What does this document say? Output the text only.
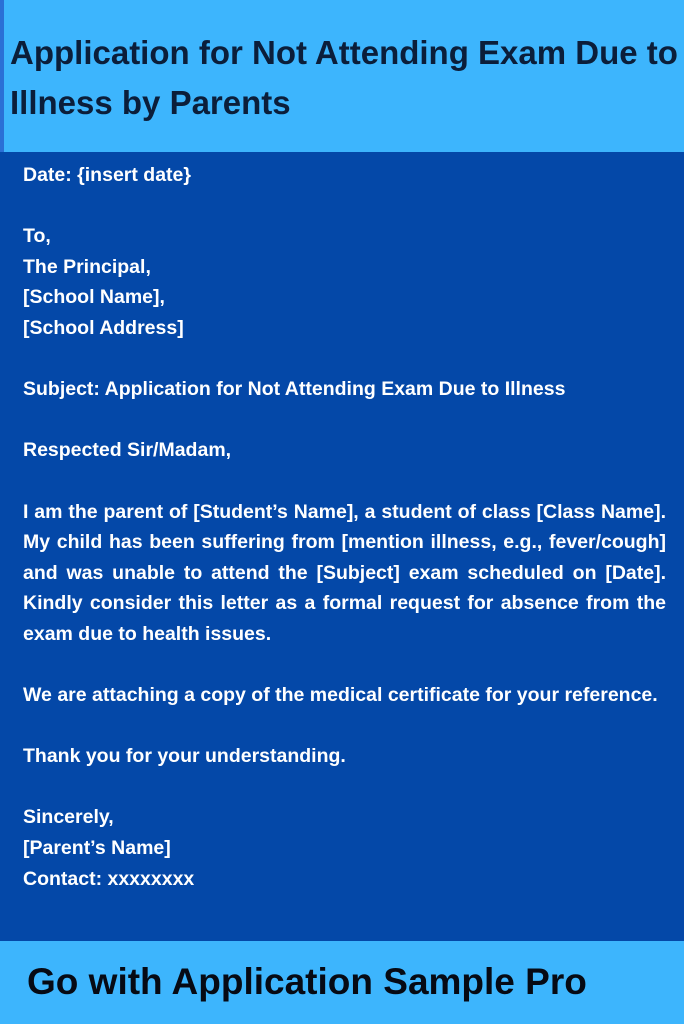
Application for Not Attending Exam Due to Illness by Parents

Date: {insert date}

To,
The Principal,
[School Name],
[School Address]

Subject: Application for Not Attending Exam Due to Illness

Respected Sir/Madam,

I am the parent of [Student’s Name], a student of class [Class Name]. My child has been suffering from [mention illness, e.g., fever/cough] and was unable to attend the [Subject] exam scheduled on [Date]. Kindly consider this letter as a formal request for absence from the exam due to health issues.

We are attaching a copy of the medical certificate for your reference.

Thank you for your understanding.

Sincerely,
[Parent’s Name]
Contact: xxxxxxxx

Go with Application Sample Pro
